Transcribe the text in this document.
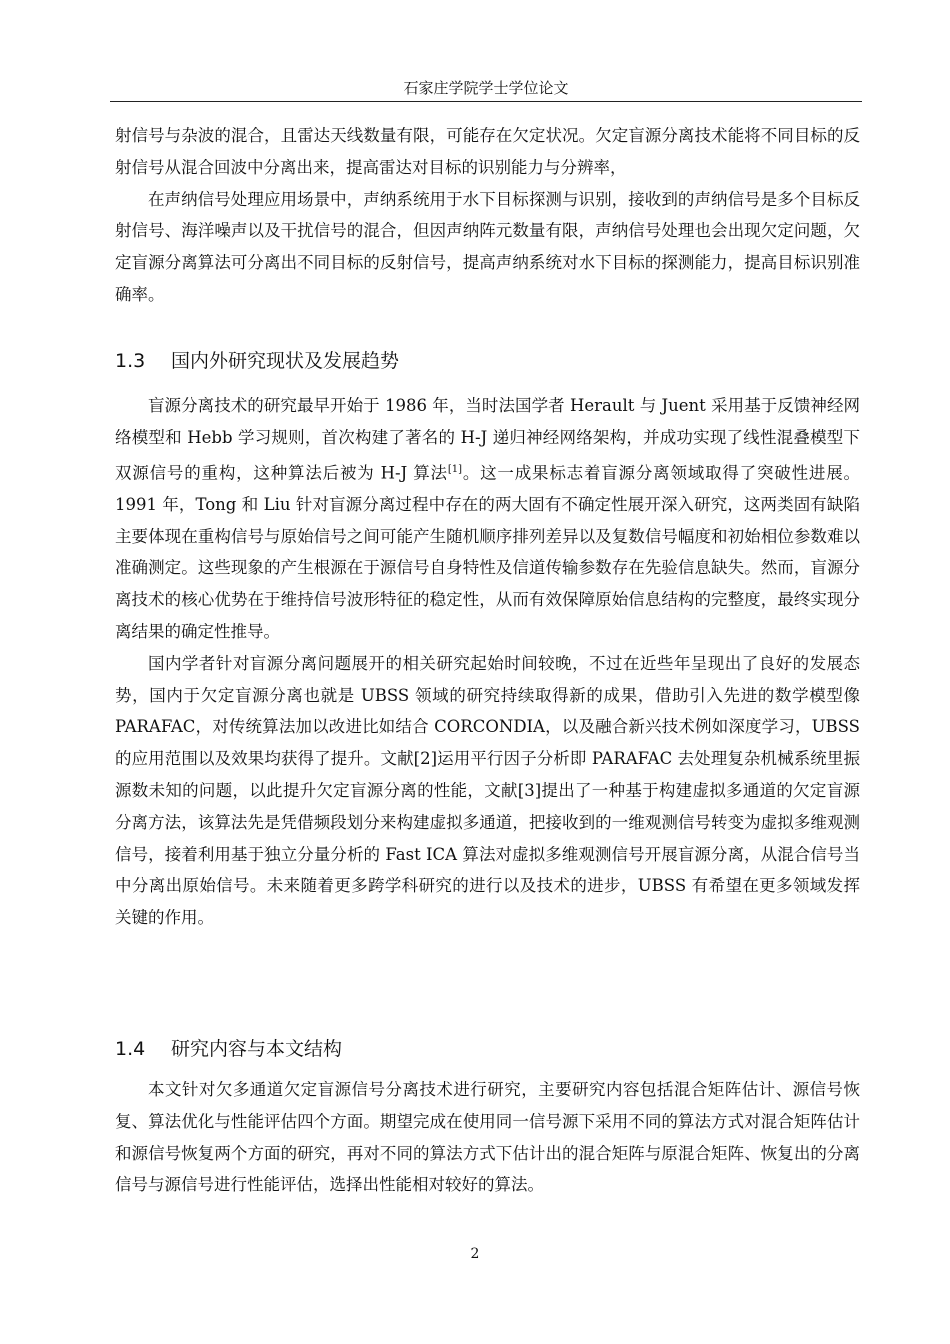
石家庄学院学士学位论文

射信号与杂波的混合，且雷达天线数量有限，可能存在欠定状况。欠定盲源分离技术能将不同目标的反射信号从混合回波中分离出来，提高雷达对目标的识别能力与分辨率，

在声纳信号处理应用场景中，声纳系统用于水下目标探测与识别，接收到的声纳信号是多个目标反射信号、海洋噪声以及干扰信号的混合，但因声纳阵元数量有限，声纳信号处理也会出现欠定问题，欠定盲源分离算法可分离出不同目标的反射信号，提高声纳系统对水下目标的探测能力，提高目标识别准确率。

1.3 国内外研究现状及发展趋势

盲源分离技术的研究最早开始于 1986 年，当时法国学者 Herault 与 Juent 采用基于反馈神经网络模型和 Hebb 学习规则，首次构建了著名的 H-J 递归神经网络架构，并成功实现了线性混叠模型下双源信号的重构，这种算法后被为 H-J 算法[1]。这一成果标志着盲源分离领域取得了突破性进展。1991 年，Tong 和 Liu 针对盲源分离过程中存在的两大固有不确定性展开深入研究，这两类固有缺陷主要体现在重构信号与原始信号之间可能产生随机顺序排列差异以及复数信号幅度和初始相位参数难以准确测定。这些现象的产生根源在于源信号自身特性及信道传输参数存在先验信息缺失。然而，盲源分离技术的核心优势在于维持信号波形特征的稳定性，从而有效保障原始信息结构的完整度，最终实现分离结果的确定性推导。

国内学者针对盲源分离问题展开的相关研究起始时间较晚，不过在近些年呈现出了良好的发展态势，国内于欠定盲源分离也就是 UBSS 领域的研究持续取得新的成果，借助引入先进的数学模型像 PARAFAC，对传统算法加以改进比如结合 CORCONDIA，以及融合新兴技术例如深度学习，UBSS 的应用范围以及效果均获得了提升。文献[2]运用平行因子分析即 PARAFAC 去处理复杂机械系统里振源数未知的问题，以此提升欠定盲源分离的性能，文献[3]提出了一种基于构建虚拟多通道的欠定盲源分离方法，该算法先是凭借频段划分来构建虚拟多通道，把接收到的一维观测信号转变为虚拟多维观测信号，接着利用基于独立分量分析的 Fast ICA 算法对虚拟多维观测信号开展盲源分离，从混合信号当中分离出原始信号。未来随着更多跨学科研究的进行以及技术的进步，UBSS 有希望在更多领域发挥关键的作用。

1.4 研究内容与本文结构

本文针对欠多通道欠定盲源信号分离技术进行研究，主要研究内容包括混合矩阵估计、源信号恢复、算法优化与性能评估四个方面。期望完成在使用同一信号源下采用不同的算法方式对混合矩阵估计和源信号恢复两个方面的研究，再对不同的算法方式下估计出的混合矩阵与原混合矩阵、恢复出的分离信号与源信号进行性能评估，选择出性能相对较好的算法。

2
